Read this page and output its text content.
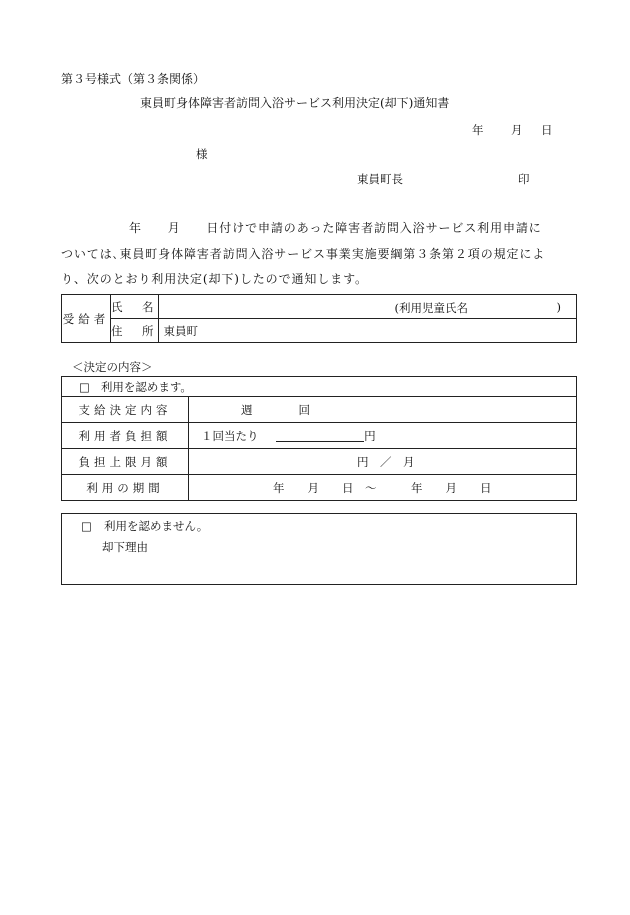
第３号様式（第３条関係）
東員町身体障害者訪問入浴サービス利用決定(却下)通知書
年 月 日
様
東員町長	印
年　　月　　日付けで申請のあった障害者訪問入浴サービス利用申請に
ついては､東員町身体障害者訪問入浴サービス事業実施要綱第３条第２項の規定によ
り、次のとおり利用決定(却下)したので通知します。
受給者	氏　名	(利用児童氏名 )

	住　所	東員町
＜決定の内容＞
□ 利用を認めます。	
支給決定内容	週　　　　回
利用者負担額	１回当たり 円
負担上限月額	円　／　月
利用の期間	年　　月　　日　～　　　年　　月　　日
□ 利用を認めません。
却下理由
